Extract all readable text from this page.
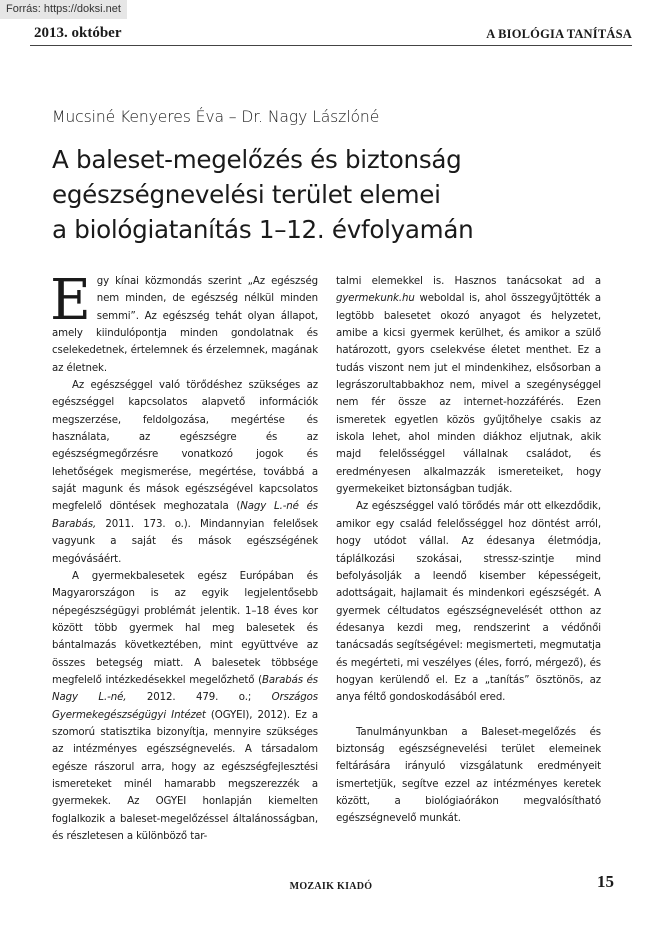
Forrás: https://doksi.net
2013. október	A BIOLÓGIA TANÍTÁSA
Mucsiné Kenyeres Éva – Dr. Nagy Lászlóné
A baleset-megelőzés és biztonság
egészségnevelési terület elemei
a biológiatanítás 1–12. évfolyamán

Egy kínai közmondás szerint „Az egészség nem minden, de egészség nélkül minden semmi”. Az egészség tehát olyan állapot, amely kiindulópontja minden gondolatnak és cselekedetnek, értelemnek és érzelemnek, magának az életnek.

Az egészséggel való törődéshez szükséges az egészséggel kapcsolatos alapvető információk megszerzése, feldolgozása, megértése és használata, az egészségre és az egészségmegőrzésre vonatkozó jogok és lehetőségek megismerése, megértése, továbbá a saját magunk és mások egészségével kapcsolatos megfelelő döntések meghozatala (Nagy L.-né és Barabás, 2011. 173. o.). Mindannyian felelősek vagyunk a saját és mások egészségének megóvásáért.

A gyermekbalesetek egész Európában és Magyarországon is az egyik legjelentősebb népegészségügyi problémát jelentik. 1–18 éves kor között több gyermek hal meg balesetek és bántalmazás következtében, mint együttvéve az összes betegség miatt. A balesetek többsége megfelelő intézkedésekkel megelőzhető (Barabás és Nagy L.-né, 2012. 479. o.; Országos Gyermekegészségügyi Intézet (OGYEI), 2012). Ez a szomorú statisztika bizonyítja, mennyire szükséges az intézményes egészségnevelés. A társadalom egésze rászorul arra, hogy az egészségfejlesztési ismereteket minél hamarabb megszerezzék a gyermekek. Az OGYEI honlapján kiemelten foglalkozik a baleset-megelőzéssel általánosságban, és részletesen a különböző tar-

talmi elemekkel is. Hasznos tanácsokat ad a gyermekunk.hu weboldal is, ahol összegyűjtötték a legtöbb balesetet okozó anyagot és helyzetet, amibe a kicsi gyermek kerülhet, és amikor a szülő határozott, gyors cselekvése életet menthet. Ez a tudás viszont nem jut el mindenkihez, elsősorban a legrászorultabbakhoz nem, mivel a szegénységgel nem fér össze az internet-hozzáférés. Ezen ismeretek egyetlen közös gyűjtőhelye csakis az iskola lehet, ahol minden diákhoz eljutnak, akik majd felelősséggel vállalnak családot, és eredményesen alkalmazzák ismereteiket, hogy gyermekeiket biztonságban tudják.

Az egészséggel való törődés már ott elkezdődik, amikor egy család felelősséggel hoz döntést arról, hogy utódot vállal. Az édesanya életmódja, táplálkozási szokásai, stressz-szintje mind befolyásolják a leendő kisember képességeit, adottságait, hajlamait és mindenkori egészségét. A gyermek céltudatos egészségnevelését otthon az édesanya kezdi meg, rendszerint a védőnői tanácsadás segítségével: megismerteti, megmutatja és megérteti, mi veszélyes (éles, forró, mérgező), és hogyan kerülendő el. Ez a „tanítás” ösztönös, az anya féltő gondoskodásából ered.

Tanulmányunkban a Baleset-megelőzés és biztonság egészségnevelési terület elemeinek feltárására irányuló vizsgálatunk eredményeit ismertetjük, segítve ezzel az intézményes keretek között, a biológiaórákon megvalósítható egészségnevelő munkát.

MOZAIK KIADÓ	15
